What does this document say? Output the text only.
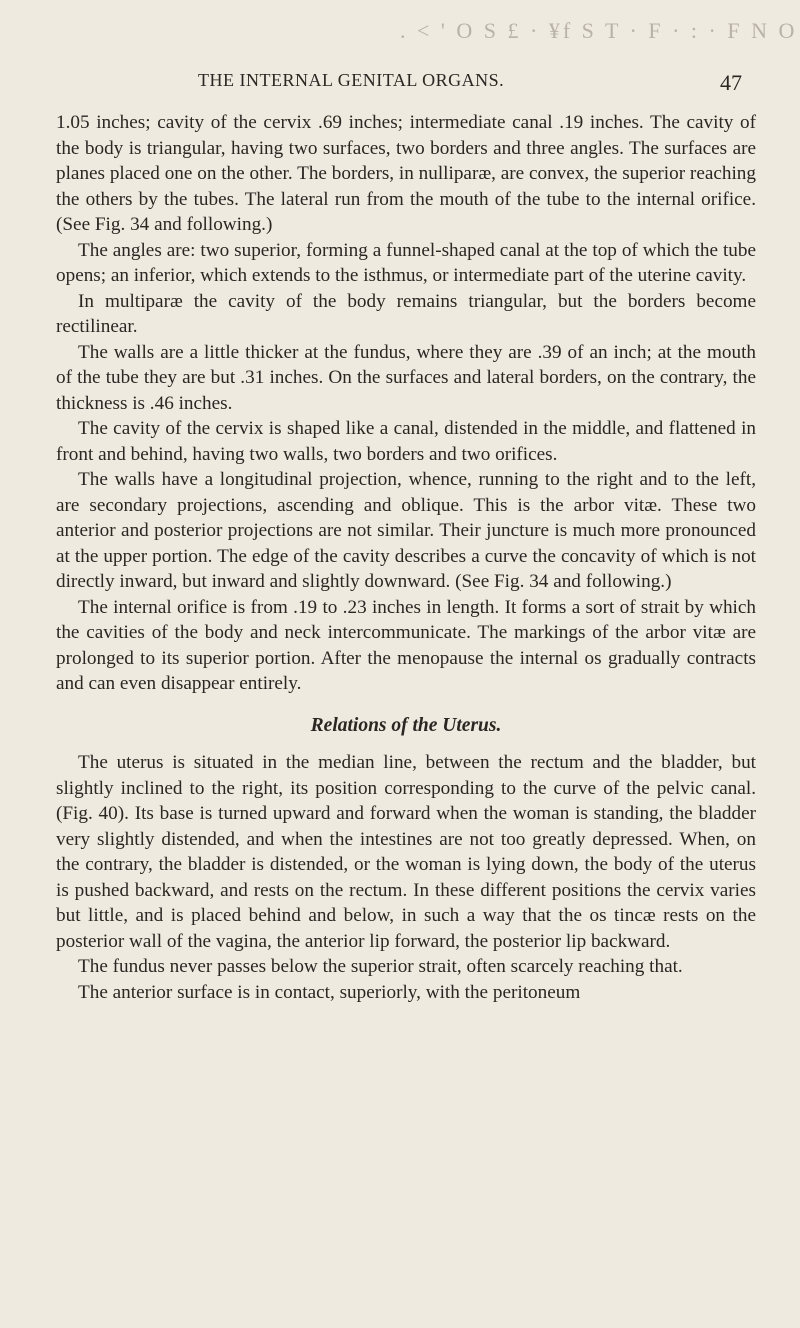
. < ' O S £ · ¥f S T · F · : · F N O
THE INTERNAL GENITAL ORGANS.	47

1.05 inches; cavity of the cervix .69 inches; intermediate canal .19 inches. The cavity of the body is triangular, having two surfaces, two borders and three angles. The surfaces are planes placed one on the other. The borders, in nulliparæ, are convex, the superior reaching the others by the tubes. The lateral run from the mouth of the tube to the internal orifice. (See Fig. 34 and following.)

The angles are: two superior, forming a funnel-shaped canal at the top of which the tube opens; an inferior, which extends to the isthmus, or intermediate part of the uterine cavity.

In multiparæ the cavity of the body remains triangular, but the borders become rectilinear.

The walls are a little thicker at the fundus, where they are .39 of an inch; at the mouth of the tube they are but .31 inches. On the surfaces and lateral borders, on the contrary, the thickness is .46 inches.

The cavity of the cervix is shaped like a canal, distended in the middle, and flattened in front and behind, having two walls, two borders and two orifices.

The walls have a longitudinal projection, whence, running to the right and to the left, are secondary projections, ascending and oblique. This is the arbor vitæ. These two anterior and posterior projections are not similar. Their juncture is much more pronounced at the upper portion. The edge of the cavity describes a curve the concavity of which is not directly inward, but inward and slightly downward. (See Fig. 34 and following.)

The internal orifice is from .19 to .23 inches in length. It forms a sort of strait by which the cavities of the body and neck intercommunicate. The markings of the arbor vitæ are prolonged to its superior portion. After the menopause the internal os gradually contracts and can even disappear entirely.

Relations of the Uterus.

The uterus is situated in the median line, between the rectum and the bladder, but slightly inclined to the right, its position corresponding to the curve of the pelvic canal. (Fig. 40). Its base is turned upward and forward when the woman is standing, the bladder very slightly distended, and when the intestines are not too greatly depressed. When, on the contrary, the bladder is distended, or the woman is lying down, the body of the uterus is pushed backward, and rests on the rectum. In these different positions the cervix varies but little, and is placed behind and below, in such a way that the os tincæ rests on the posterior wall of the vagina, the anterior lip forward, the posterior lip backward.

The fundus never passes below the superior strait, often scarcely reaching that.

The anterior surface is in contact, superiorly, with the peritoneum
